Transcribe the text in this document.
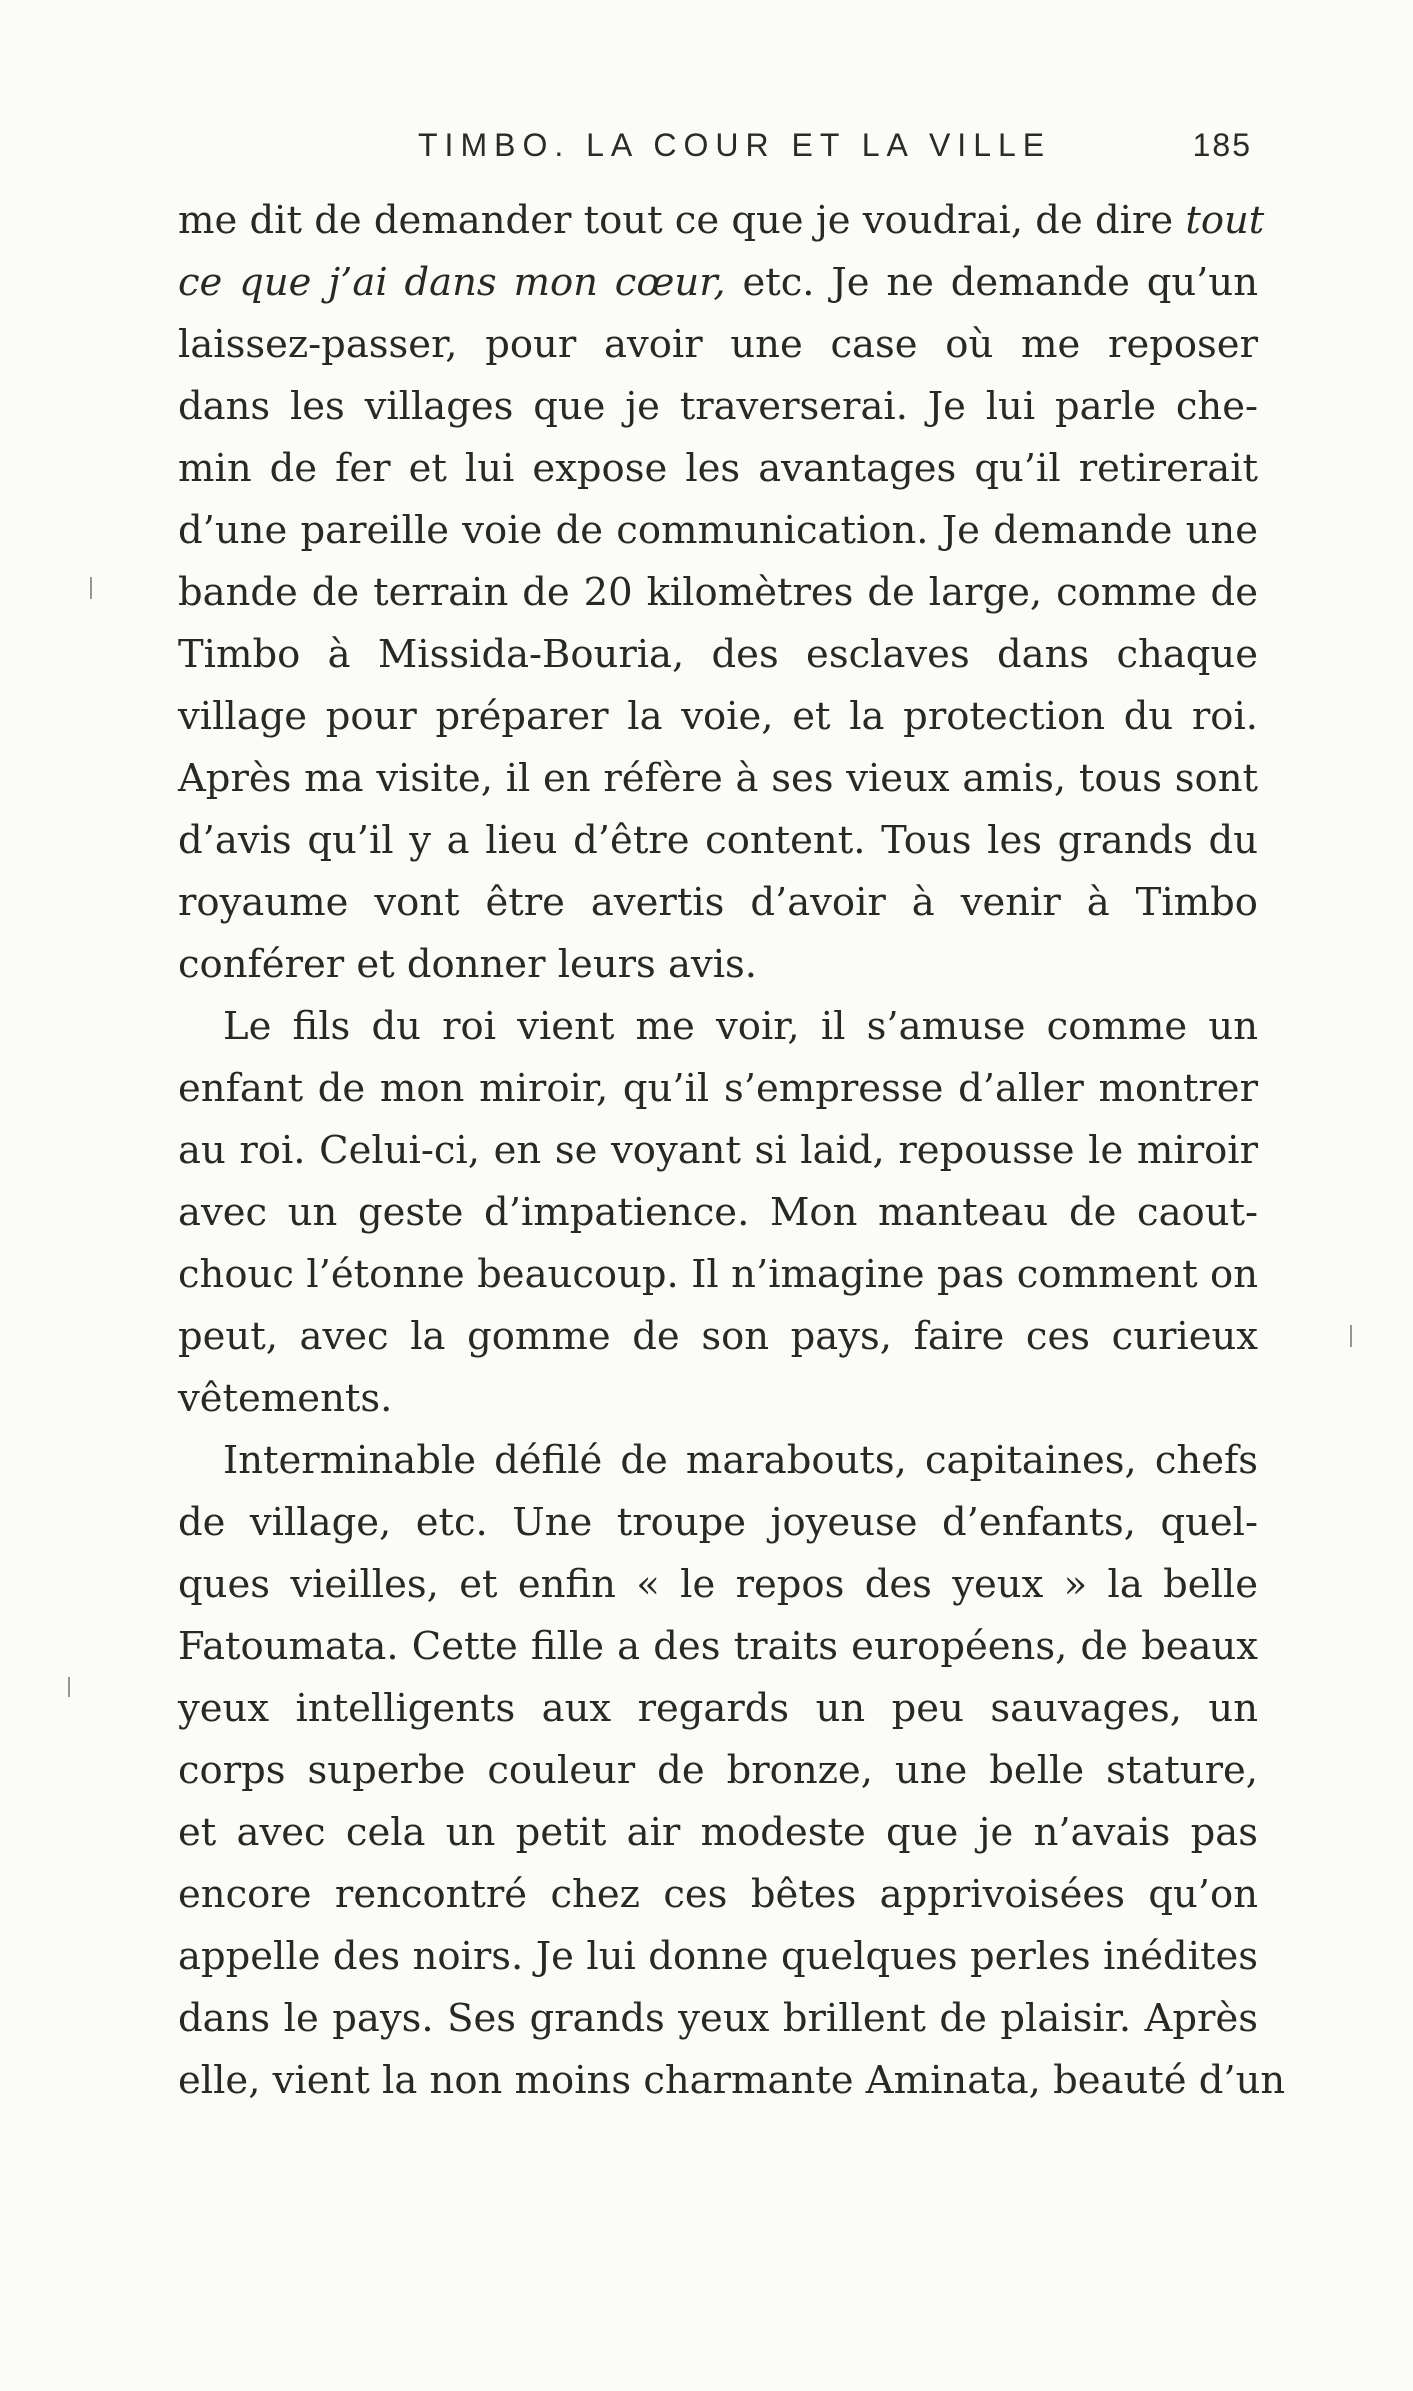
TIMBO. LA COUR ET LA VILLE	185
me dit de demander tout ce que je voudrai, de dire tout
ce que j’ai dans mon cœur, etc. Je ne demande qu’un
laissez-passer, pour avoir une case où me reposer
dans les villages que je traverserai. Je lui parle che-
min de fer et lui expose les avantages qu’il retirerait
d’une pareille voie de communication. Je demande une
bande de terrain de 20 kilomètres de large, comme de
Timbo à Missida-Bouria, des esclaves dans chaque
village pour préparer la voie, et la protection du roi.
Après ma visite, il en réfère à ses vieux amis, tous sont
d’avis qu’il y a lieu d’être content. Tous les grands du
royaume vont être avertis d’avoir à venir à Timbo
conférer et donner leurs avis.
Le fils du roi vient me voir, il s’amuse comme un
enfant de mon miroir, qu’il s’empresse d’aller montrer
au roi. Celui-ci, en se voyant si laid, repousse le miroir
avec un geste d’impatience. Mon manteau de caout-
chouc l’étonne beaucoup. Il n’imagine pas comment on
peut, avec la gomme de son pays, faire ces curieux
vêtements.
Interminable défilé de marabouts, capitaines, chefs
de village, etc. Une troupe joyeuse d’enfants, quel-
ques vieilles, et enfin « le repos des yeux » la belle
Fatoumata. Cette fille a des traits européens, de beaux
yeux intelligents aux regards un peu sauvages, un
corps superbe couleur de bronze, une belle stature,
et avec cela un petit air modeste que je n’avais pas
encore rencontré chez ces bêtes apprivoisées qu’on
appelle des noirs. Je lui donne quelques perles inédites
dans le pays. Ses grands yeux brillent de plaisir. Après
elle, vient la non moins charmante Aminata, beauté d’un
